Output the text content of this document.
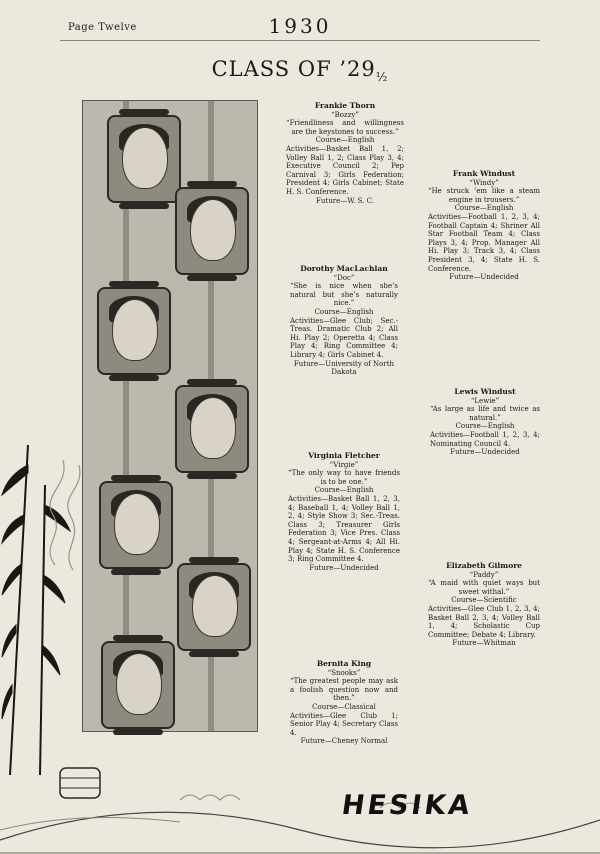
Page Twelve	1930
CLASS OF $’29_{\frac{1}{2}}$
Frankie Thorn
“Bozzy”
“Friendliness and willingness are the keystones to success.”
Course—English
Activities—Basket Ball 1, 2; Volley Ball 1, 2; Class Play 3, 4; Executive Council 2; Pep Carnival 3; Girls Federation; President 4; Girls Cabinet; State H. S. Conference.
Future—W. S. C.
Frank Windust
“Windy”
“He struck ’em like a steam engine in trousers.”
Course—English
Activities—Football 1, 2, 3, 4; Football Captain 4; Shriner All Star Football Team 4; Class Plays 3, 4; Prop. Manager All Hi. Play 3; Track 3, 4; Class President 3, 4; State H. S. Conference.
Future—Undecided
Dorothy MacLachlan
“Doc”
“She is nice when she’s natural but she’s naturally nice.”
Course—English
Activities—Glee Club; Sec.-Treas. Dramatic Club 2; All Hi. Play 2; Operetta 4; Class Play 4; Ring Committee 4; Library 4; Girls Cabinet 4.
Future—University of North Dakota
Lewis Windust
“Lewie”
“As large as life and twice as natural.”
Course—English
Activities—Football 1, 2, 3, 4; Nominating Council 4.
Future—Undecided
Virginia Fletcher
“Virgie”
“The only way to have friends is to be one.”
Course—English
Activities—Basket Ball 1, 2, 3, 4; Baseball 1, 4; Volley Ball 1, 2, 4; Style Show 3; Sec.-Treas. Class 3; Treasurer Girls Federation 3; Vice Pres. Class 4; Sergeant-at-Arms 4; All Hi. Play 4; State H. S. Conference 3; Ring Committee 4.
Future—Undecided	Elizabeth Gilmore
“Paddy”
“A maid with quiet ways but sweet withal.”
Course—Scientific
Activities—Glee Club 1, 2, 3, 4; Basket Ball 2, 3, 4; Volley Ball 1, 4; Scholastic Cup Committee; Debate 4; Library.
Future—Whitman
Bernita King
“Snooks”
“The greatest people may ask a foolish question now and then.”
Course—Classical
Activities—Glee Club 1; Senior Play 4; Secretary Class 4.
Future—Cheney Normal
HESIKA
